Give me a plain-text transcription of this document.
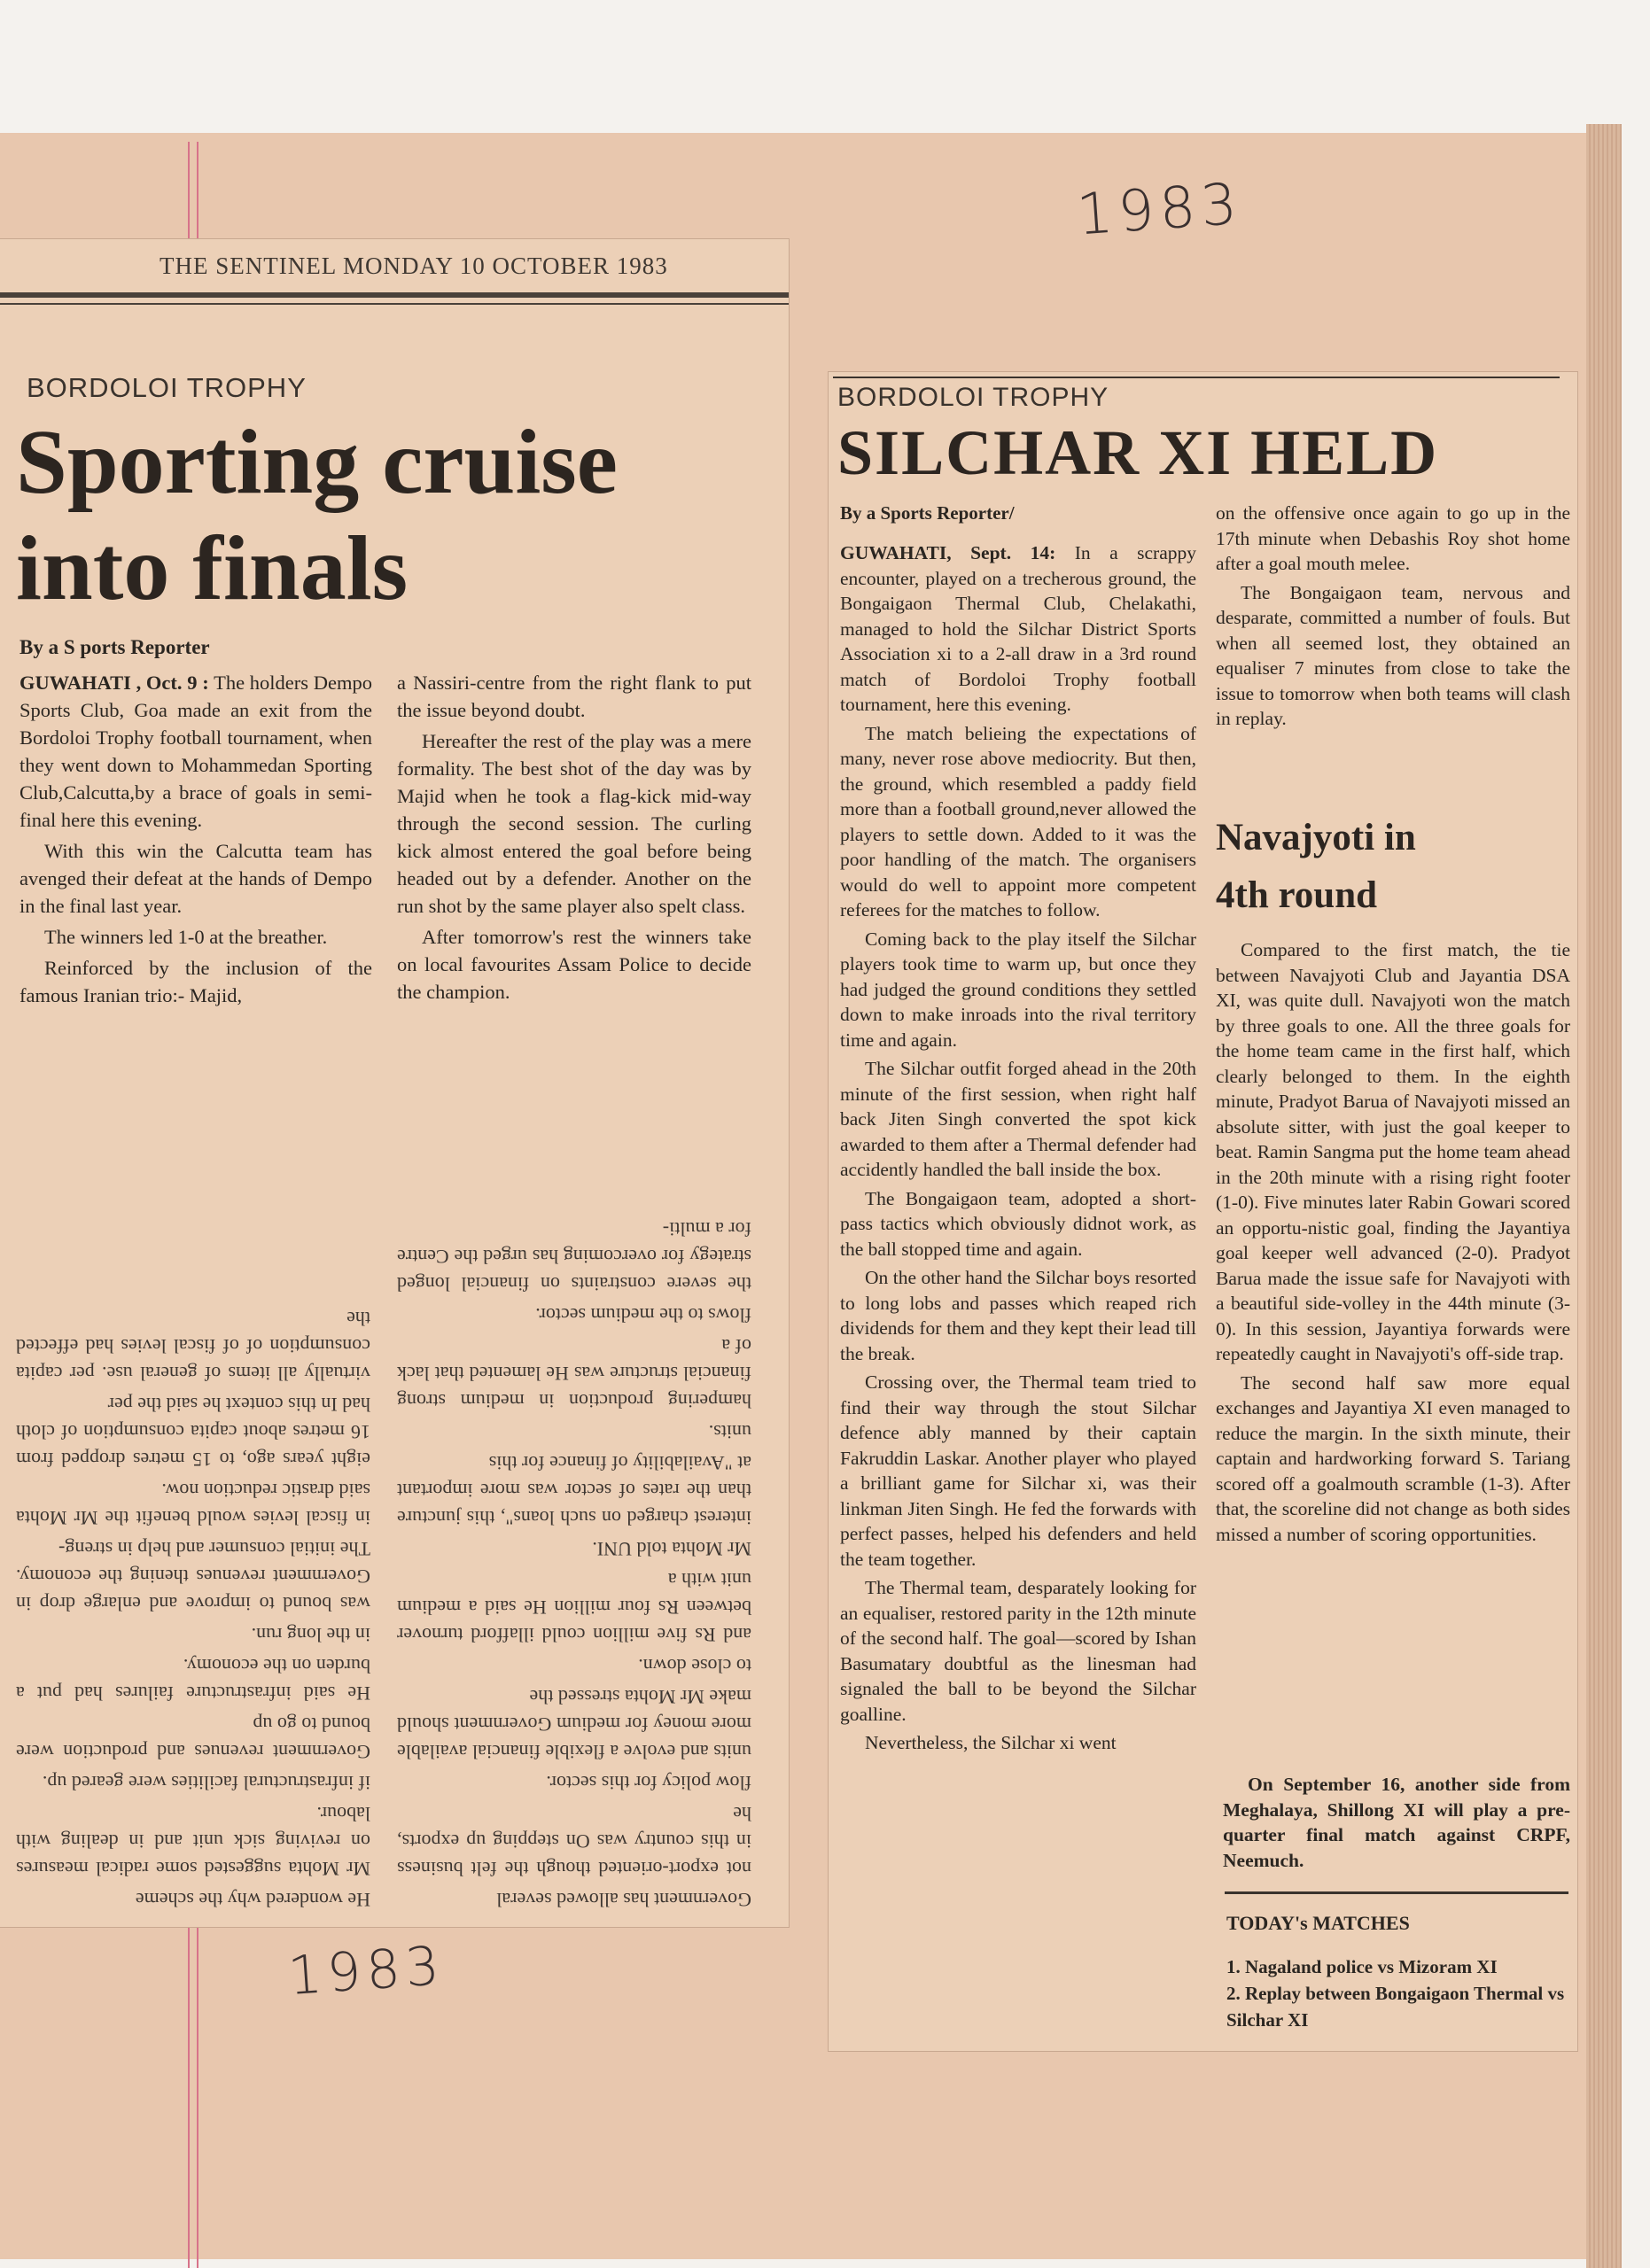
1983
THE SENTINEL MONDAY 10 OCTOBER 1983
BORDOLOI TROPHY
Sporting cruise
into finals
By a S ports Reporter

GUWAHATI , Oct. 9 : The holders Dempo Sports Club, Goa made an exit from the Bordoloi Trophy football tournament, when they went down to Mohammedan Sporting Club,Calcutta,by a brace of goals in semi-final here this evening.

With this win the Calcutta team has avenged their defeat at the hands of Dempo in the final last year.

The winners led 1-0 at the breather.

Reinforced by the inclusion of the famous Iranian trio:- Majid,

a Nassiri-centre from the right flank to put the issue beyond doubt.

Hereafter the rest of the play was a mere formality. The best shot of the day was by Majid when he took a flag-kick mid-way through the second session. The curling kick almost entered the goal before being headed out by a defender. Another on the run shot by the same player also spelt class.

After tomorrow's rest the winners take on local favourites Assam Police to decide the champion.

He wondered why the scheme

Mr Mohta suggested some radical measures on reviving sick unit and in dealing with labour.

if infrastructural facilities were geared up.

Government revenues and production were bound to go up

He said infrastructure failures had put a burden on the economy.

in the long run.

was bound to improve and enlarge drop in Government revenues thening the economy. The initial consumer and help in streng-

in fiscal levies would benefit the Mr Mohta said drastic reduction now.

eight years ago, to 15 metres dropped from 16 metres about capita consumption of cloth had In this context he said the per

virtually all items of general use. per capita consumption of of fiscal levies had effected the

Government has allowed several

not export-oriented though the felt business in this country was On stepping up exports, he

flow policy for this sector.

units and evolve a flexible financial available more money for medium Government should make Mr Mohta stressed the

to close down.

and Rs five million could illafford turnover between Rs four million He said a medium unit with a

Mr Mohta told UNI.

interest charged on such loans", this juncture than the rates of sector was more important at "Availability of finance for this

units.

hampering production in medium strong financial structure was He lamented that lack of a

flows to the medium sector.

the severe constraints on financial longed strategy for overcoming has urged the Centre for a multi-

1983
BORDOLOI TROPHY
SILCHAR XI HELD
By a Sports Reporter/

GUWAHATI, Sept. 14: In a scrappy encounter, played on a trecherous ground, the Bongaigaon Thermal Club, Chelakathi, managed to hold the Silchar District Sports Association xi to a 2-all draw in a 3rd round match of Bordoloi Trophy football tournament, here this evening.

The match belieing the expectations of many, never rose above mediocrity. But then, the ground, which resembled a paddy field more than a football ground,never allowed the players to settle down. Added to it was the poor handling of the match. The organisers would do well to appoint more competent referees for the matches to follow.

Coming back to the play itself the Silchar players took time to warm up, but once they had judged the ground conditions they settled down to make inroads into the rival territory time and again.

The Silchar outfit forged ahead in the 20th minute of the first session, when right half back Jiten Singh converted the spot kick awarded to them after a Thermal defender had accidently handled the ball inside the box.

The Bongaigaon team, adopted a short-pass tactics which obviously didnot work, as the ball stopped time and again.

On the other hand the Silchar boys resorted to long lobs and passes which reaped rich dividends for them and they kept their lead till the break.

Crossing over, the Thermal team tried to find their way through the stout Silchar defence ably manned by their captain Fakruddin Laskar. Another player who played a brilliant game for Silchar xi, was their linkman Jiten Singh. He fed the forwards with perfect passes, helped his defenders and held the team together.

The Thermal team, desparately looking for an equaliser, restored parity in the 12th minute of the second half. The goal—scored by Ishan Basumatary doubtful as the linesman had signaled the ball to be beyond the Silchar goalline.

Nevertheless, the Silchar xi went

on the offensive once again to go up in the 17th minute when Debashis Roy shot home after a goal mouth melee.

The Bongaigaon team, nervous and desparate, committed a number of fouls. But when all seemed lost, they obtained an equaliser 7 minutes from close to take the issue to tomorrow when both teams will clash in replay.

Navajyoti in
4th round

Compared to the first match, the tie between Navajyoti Club and Jayantia DSA XI, was quite dull. Navajyoti won the match by three goals to one. All the three goals for the home team came in the first half, which clearly belonged to them. In the eighth minute, Pradyot Barua of Navajyoti missed an absolute sitter, with just the goal keeper to beat. Ramin Sangma put the home team ahead in the 20th minute with a rising right footer (1-0). Five minutes later Rabin Gowari scored an opportu-nistic goal, finding the Jayantiya goal keeper well advanced (2-0). Pradyot Barua made the issue safe for Navajyoti with a beautiful side-volley in the 44th minute (3-0). In this session, Jayantiya forwards were repeatedly caught in Navajyoti's off-side trap.

The second half saw more equal exchanges and Jayantiya XI even managed to reduce the margin. In the sixth minute, their captain and hardworking forward S. Tariang scored off a goalmouth scramble (1-3). After that, the scoreline did not change as both sides missed a number of scoring opportunities.

On September 16, another side from Meghalaya, Shillong XI will play a pre-quarter final match against CRPF, Neemuch.

TODAY's MATCHES
1. Nagaland police vs Mizoram XI
2. Replay between Bongaigaon Thermal vs Silchar XI
